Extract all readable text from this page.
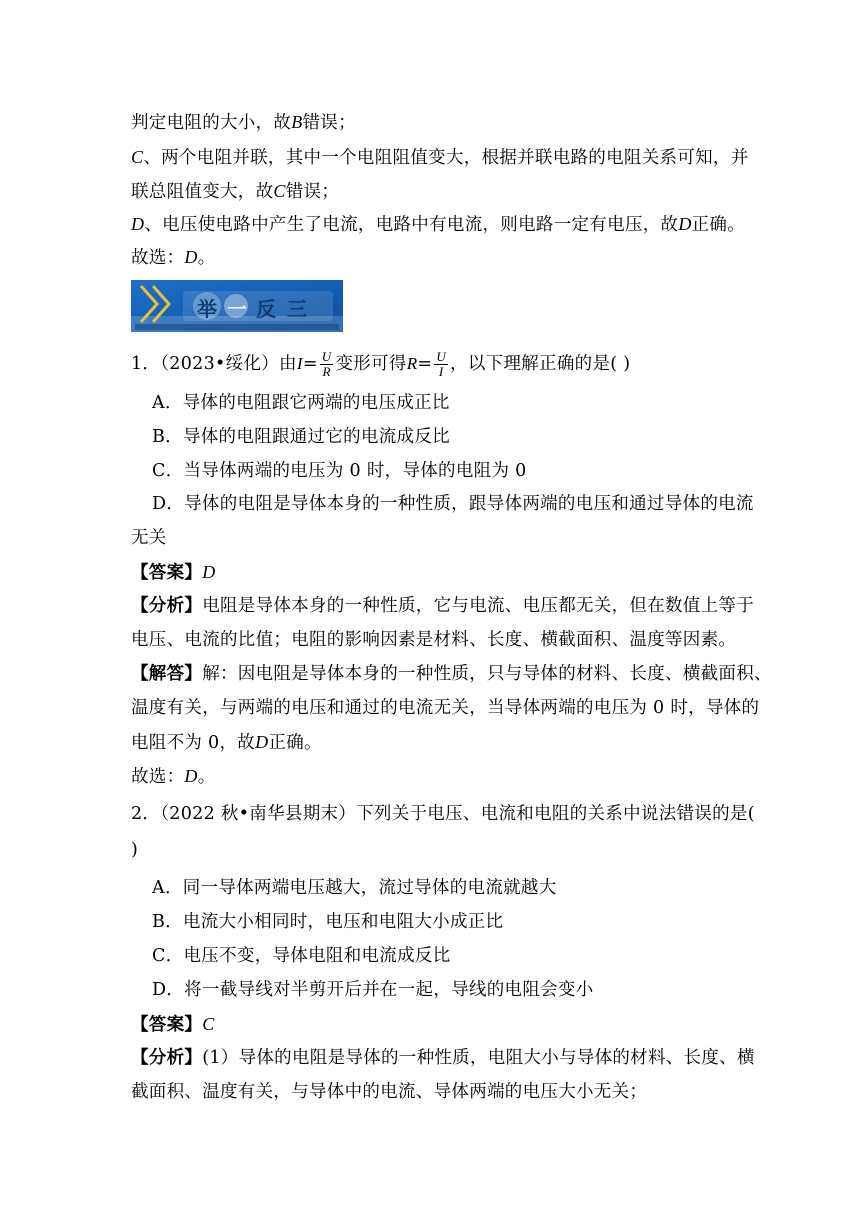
判定电阻的大小，故B错误；
C、两个电阻并联，其中一个电阻阻值变大，根据并联电路的电阻关系可知，并
联总阻值变大，故C错误；
D、电压使电路中产生了电流，电路中有电流，则电路一定有电压，故D正确。
故选：D。
举 一 反 三
1．（2023•绥化）由$I= \frac{U}{R}$ 变形可得$R= \frac{U}{I}$ ，以下理解正确的是( )
A．导体的电阻跟它两端的电压成正比
B．导体的电阻跟通过它的电流成反比
C．当导体两端的电压为 0 时，导体的电阻为 0
D．导体的电阻是导体本身的一种性质，跟导体两端的电压和通过导体的电流
无关
【答案】D
【分析】电阻是导体本身的一种性质，它与电流、电压都无关，但在数值上等于
电压、电流的比值；电阻的影响因素是材料、长度、横截面积、温度等因素。
【解答】解：因电阻是导体本身的一种性质，只与导体的材料、长度、横截面积、
温度有关，与两端的电压和通过的电流无关，当导体两端的电压为 0 时，导体的
电阻不为 0，故D正确。
故选：D。
2．（2022 秋•南华县期末）下列关于电压、电流和电阻的关系中说法错误的是(
)
A．同一导体两端电压越大，流过导体的电流就越大
B．电流大小相同时，电压和电阻大小成正比
C．电压不变，导体电阻和电流成反比
D．将一截导线对半剪开后并在一起，导线的电阻会变小
【答案】C
【分析】(1）导体的电阻是导体的一种性质，电阻大小与导体的材料、长度、横
截面积、温度有关，与导体中的电流、导体两端的电压大小无关；
